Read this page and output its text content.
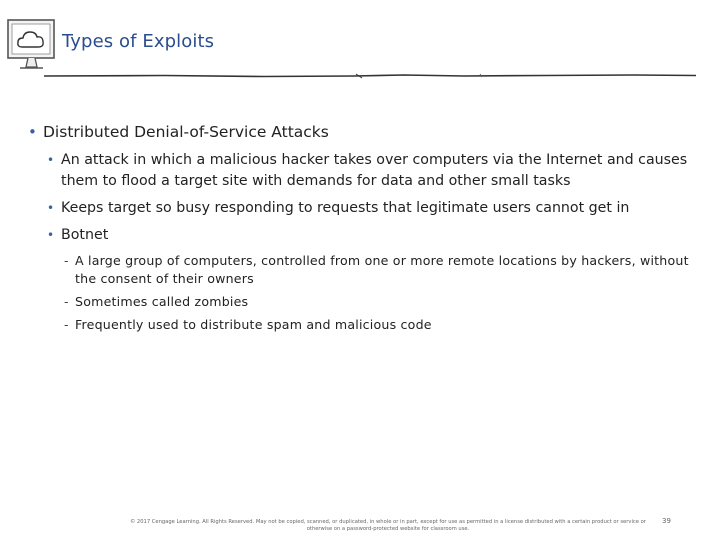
Types of Exploits
• Distributed Denial-of-Service Attacks
• An attack in which a malicious hacker takes over computers via the Internet and causes them to flood a target site with demands for data and other small tasks
• Keeps target so busy responding to requests that legitimate users cannot get in
• Botnet
- A large group of computers, controlled from one or more remote locations by hackers, without the consent of their owners
- Sometimes called zombies
- Frequently used to distribute spam and malicious code
© 2017 Cengage Learning. All Rights Reserved. May not be copied, scanned, or duplicated, in whole or in part, except for use as permitted in a license distributed with a certain product or service or otherwise on a password-protected website for classroom use.
39
